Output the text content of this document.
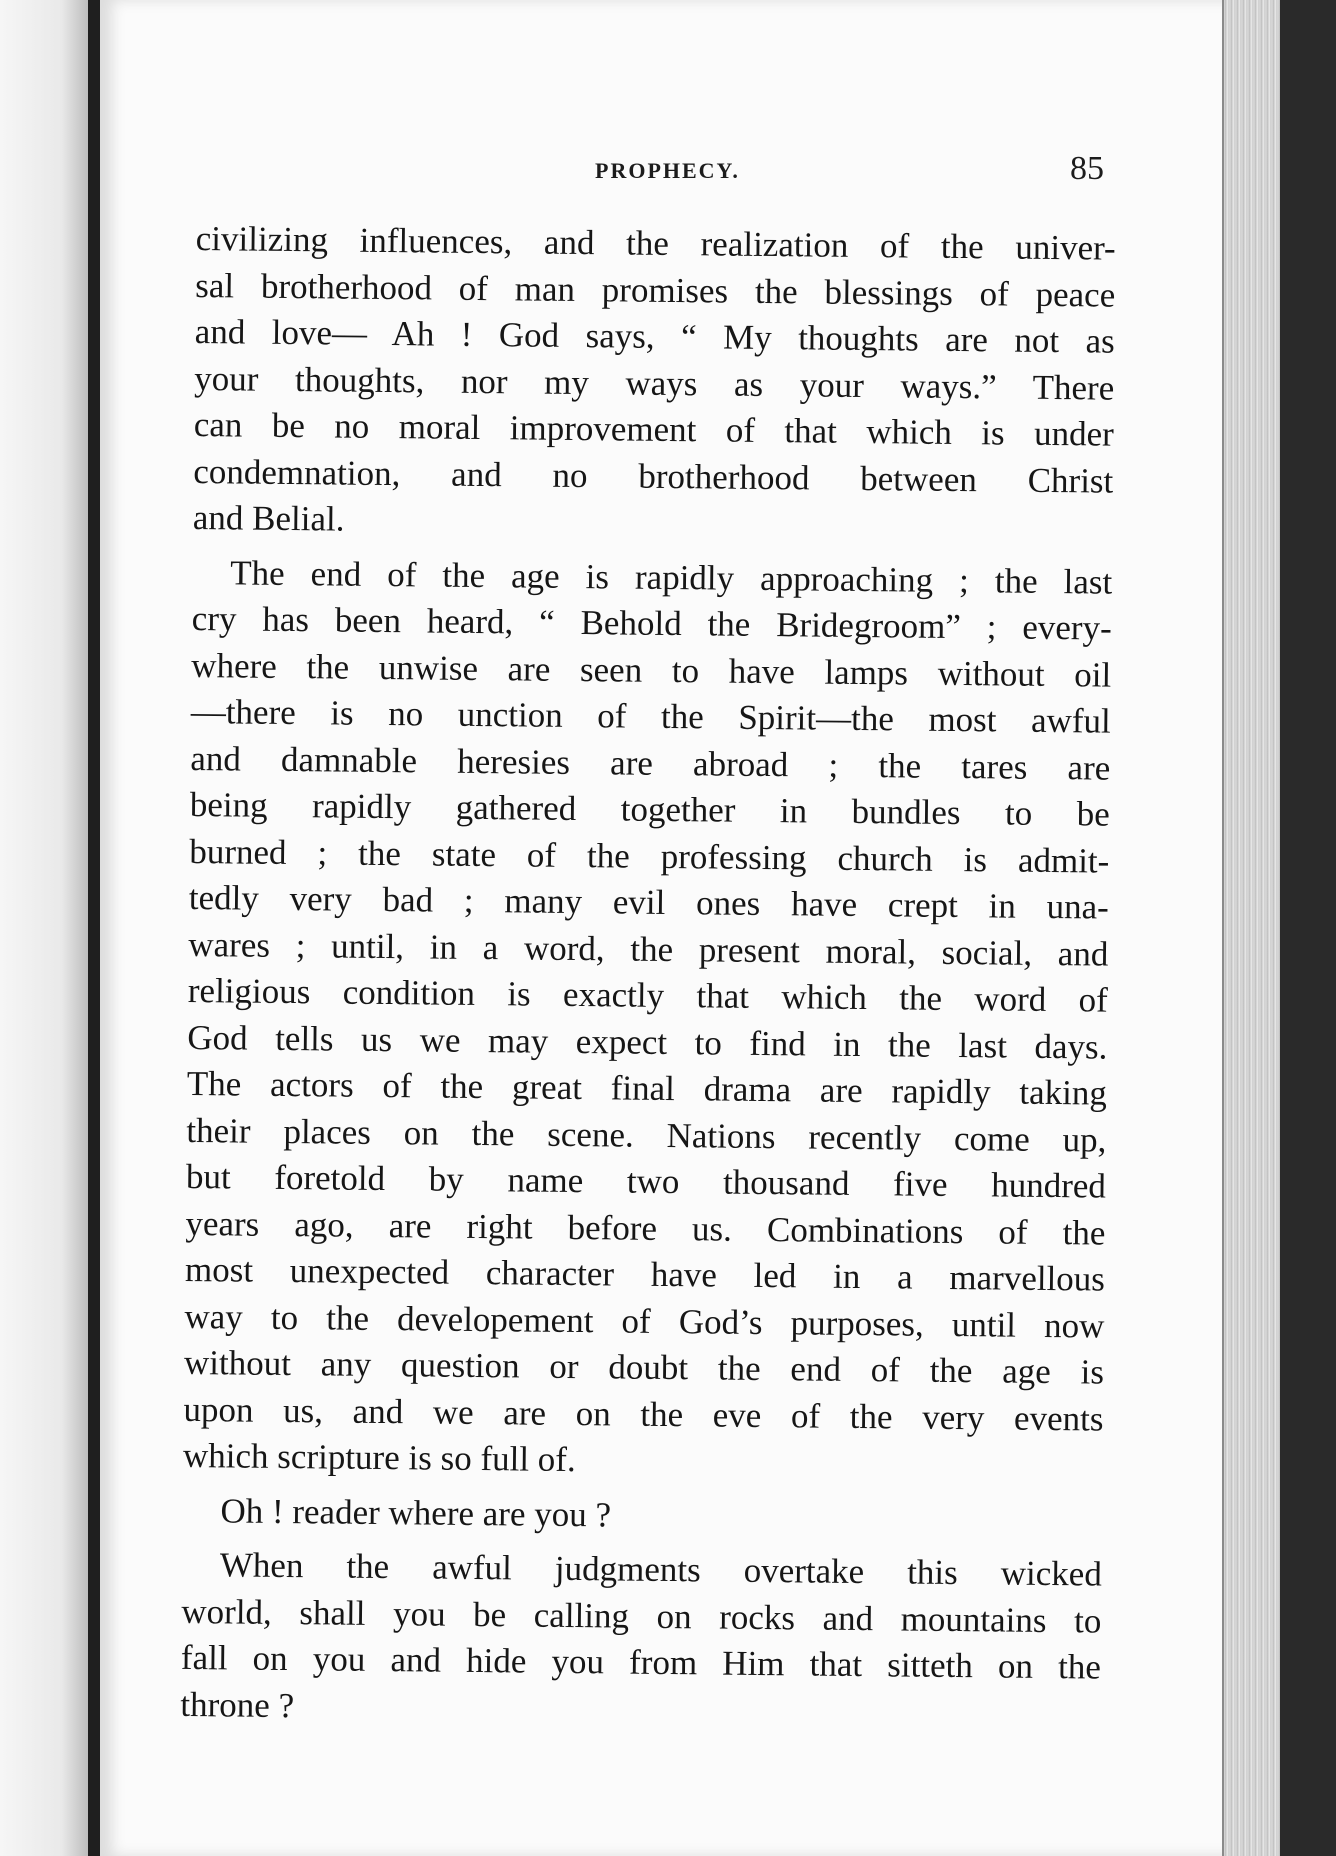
PROPHECY.	85
civilizing influences, and the realization of the univer-
sal brotherhood of man promises the blessings of peace
and love— Ah ! God says, “ My thoughts are not as
your thoughts, nor my ways as your ways.” There
can be no moral improvement of that which is under
condemnation, and no brotherhood between Christ
and Belial.
The end of the age is rapidly approaching ; the last
cry has been heard, “ Behold the Bridegroom” ; every-
where the unwise are seen to have lamps without oil
—there is no unction of the Spirit—the most awful
and damnable heresies are abroad ; the tares are
being rapidly gathered together in bundles to be
burned ; the state of the professing church is admit-
tedly very bad ; many evil ones have crept in una-
wares ; until, in a word, the present moral, social, and
religious condition is exactly that which the word of
God tells us we may expect to find in the last days.
The actors of the great final drama are rapidly taking
their places on the scene. Nations recently come up,
but foretold by name two thousand five hundred
years ago, are right before us. Combinations of the
most unexpected character have led in a marvellous
way to the developement of God’s purposes, until now
without any question or doubt the end of the age is
upon us, and we are on the eve of the very events
which scripture is so full of.
Oh ! reader where are you ?
When the awful judgments overtake this wicked
world, shall you be calling on rocks and mountains to
fall on you and hide you from Him that sitteth on the
throne ?
